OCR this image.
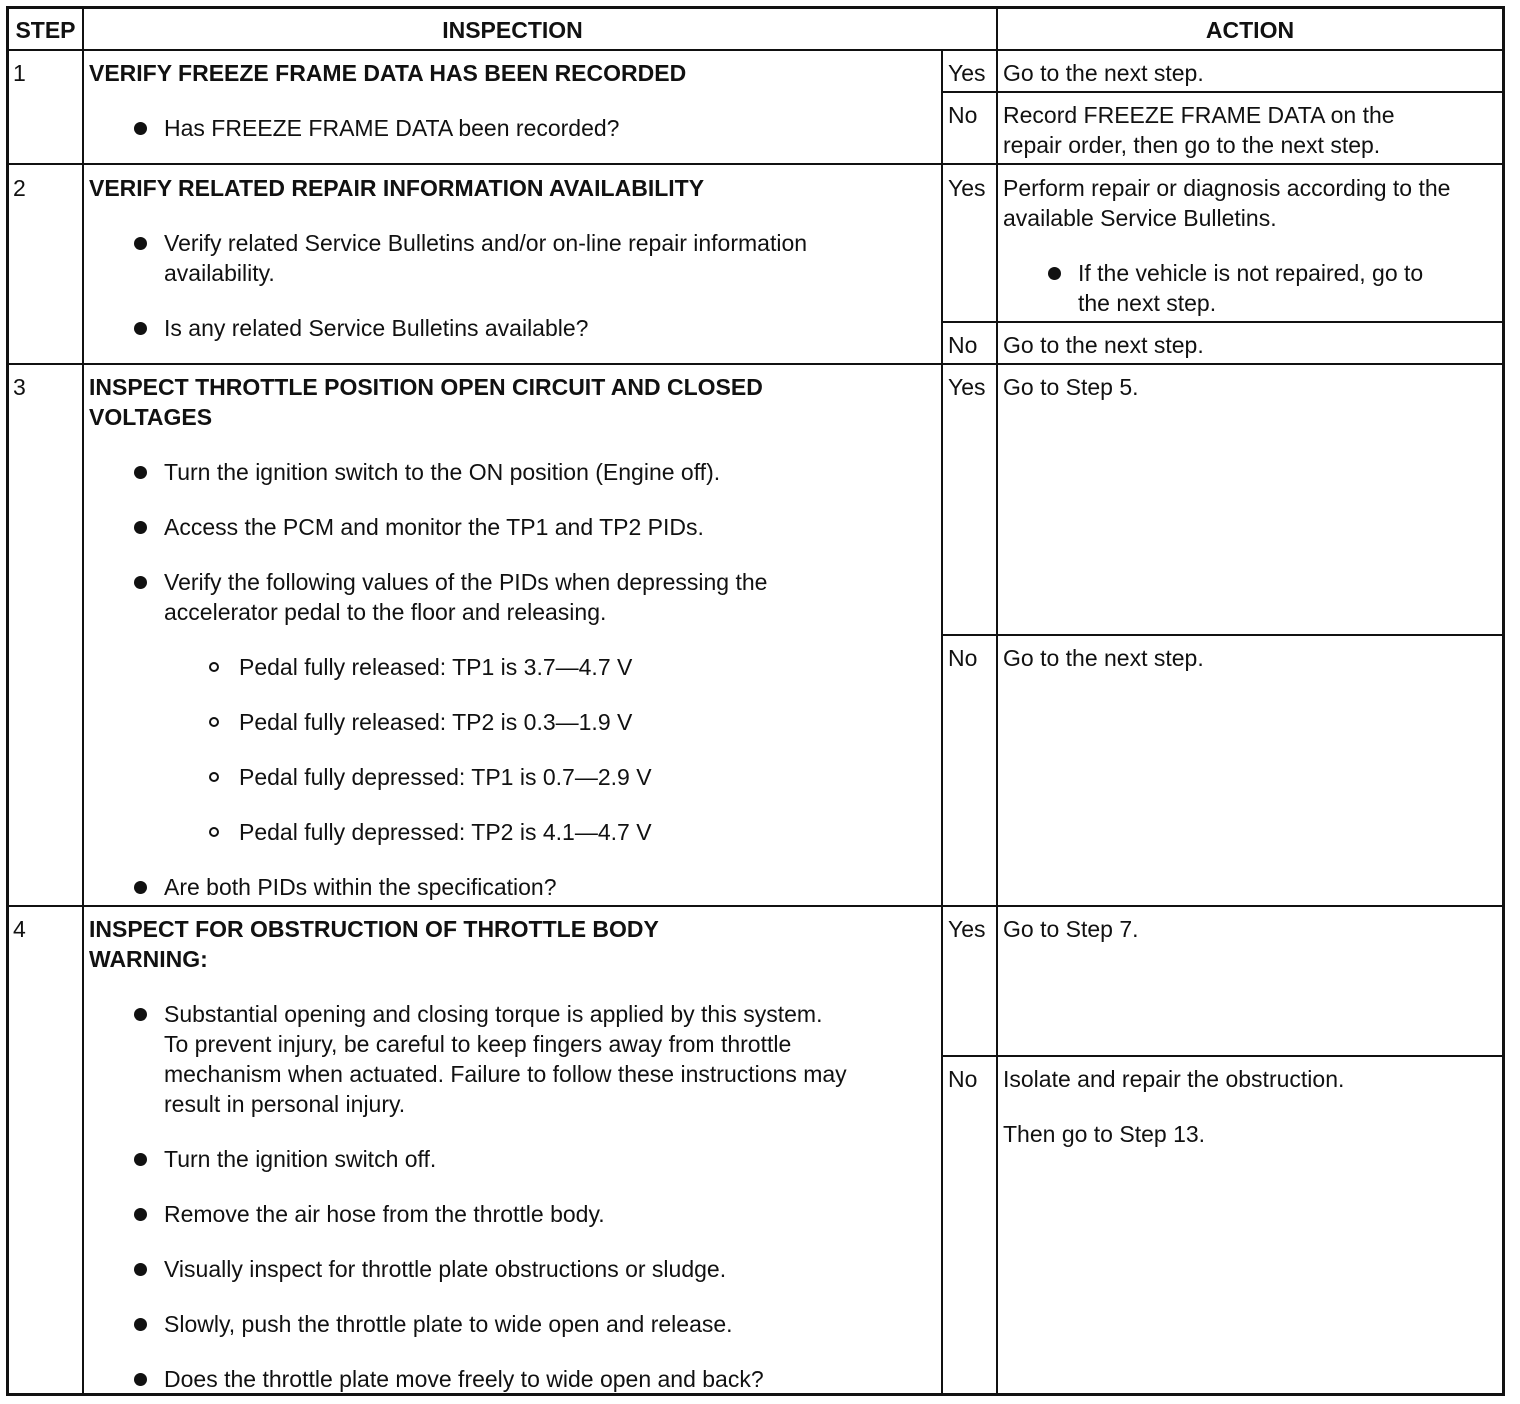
STEP	INSPECTION	ACTION
1	VERIFY FREEZE FRAME DATA HAS BEEN RECORDED
Has FREEZE FRAME DATA been recorded?
Yes Go to the next step.
No Record FREEZE FRAME DATA on the
repair order, then go to the next step.
2	VERIFY RELATED REPAIR INFORMATION AVAILABILITY
Verify related Service Bulletins and/or on-line repair information
availability.
Is any related Service Bulletins available?
Yes Perform repair or diagnosis according to the
available Service Bulletins.
If the vehicle is not repaired, go to
the next step.
No Go to the next step.
3	INSPECT THROTTLE POSITION OPEN CIRCUIT AND CLOSED
VOLTAGES
Turn the ignition switch to the ON position (Engine off).
Access the PCM and monitor the TP1 and TP2 PIDs.
Verify the following values of the PIDs when depressing the
accelerator pedal to the floor and releasing.
Pedal fully released: TP1 is 3.7—4.7 V
Pedal fully released: TP2 is 0.3—1.9 V
Pedal fully depressed: TP1 is 0.7—2.9 V
Pedal fully depressed: TP2 is 4.1—4.7 V
Are both PIDs within the specification?
Yes Go to Step 5.
No Go to the next step.
4	INSPECT FOR OBSTRUCTION OF THROTTLE BODY
WARNING:
Substantial opening and closing torque is applied by this system.
To prevent injury, be careful to keep fingers away from throttle
mechanism when actuated. Failure to follow these instructions may
result in personal injury.
Turn the ignition switch off.
Remove the air hose from the throttle body.
Visually inspect for throttle plate obstructions or sludge.
Slowly, push the throttle plate to wide open and release.
Does the throttle plate move freely to wide open and back?
Yes Go to Step 7.
No Isolate and repair the obstruction.
Then go to Step 13.
